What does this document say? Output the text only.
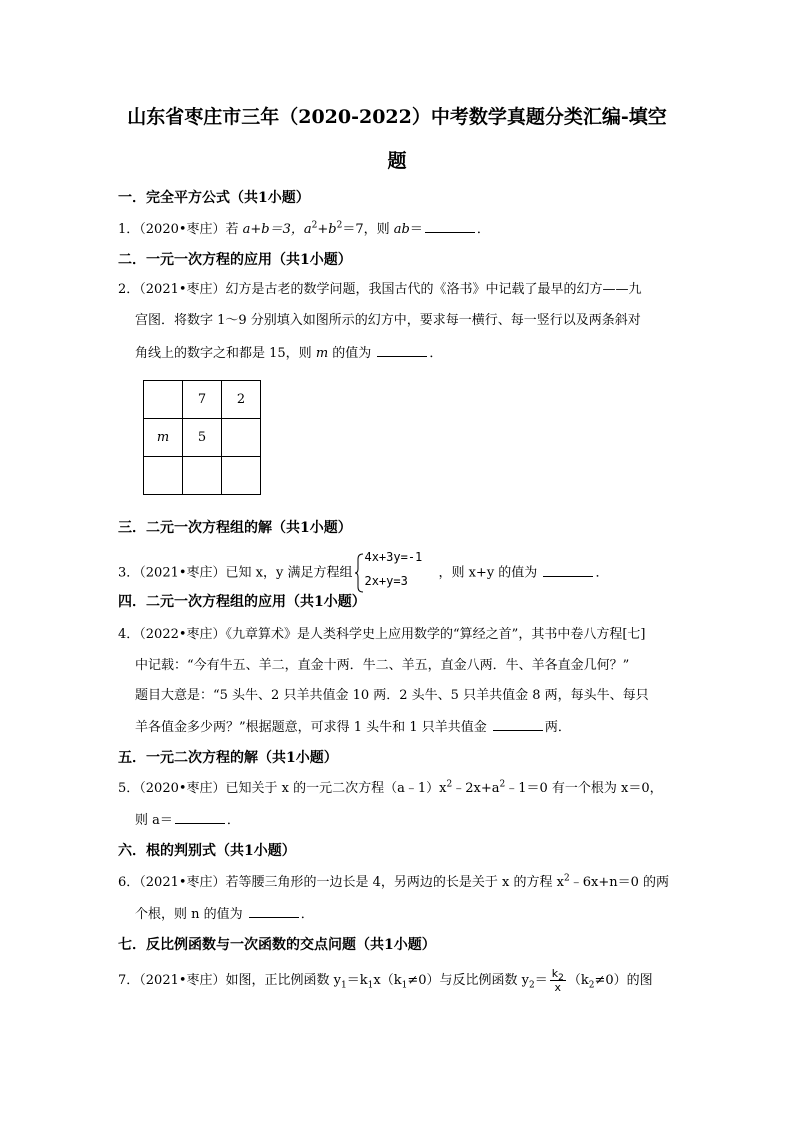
山东省枣庄市三年（2020-2022）中考数学真题分类汇编-填空
题
一．完全平方公式（共1小题）
1．（2020•枣庄）若 a+b＝3，$a^2+b^2=7$，则 ab＝	．
二．一元一次方程的应用（共1小题）
2．（2021•枣庄）幻方是古老的数学问题，我国古代的《洛书》中记载了最早的幻方——九
宫图．将数字 1～9 分别填入如图所示的幻方中，要求每一横行、每一竖行以及两条斜对
角线上的数字之和都是 15，则 m 的值为	．
	7	2
m	5	

三．二元一次方程组的解（共1小题）
3．（2021•枣庄）已知 x，y 满足方程组
4x+3y=-1
2x+y=3
，则 x+y 的值为	．
四．二元一次方程组的应用（共1小题）
4．（2022•枣庄）《九章算术》是人类科学史上应用数学的“算经之首”，其书中卷八方程[七]
中记载：“今有牛五、羊二，直金十两．牛二、羊五，直金八两．牛、羊各直金几何？”
题目大意是：“5 头牛、2 只羊共值金 10 两．2 头牛、5 只羊共值金 8 两，每头牛、每只
羊各值金多少两？”根据题意，可求得 1 头牛和 1 只羊共值金	两．
五．一元二次方程的解（共1小题）
5．（2020•枣庄）已知关于 x 的一元二次方程$(a﹣1)x^2﹣2x+a^2﹣1=0$ 有一个根为 x＝0，
则 a＝	．
六．根的判别式（共1小题）
6．（2021•枣庄）若等腰三角形的一边长是 4，另两边的长是关于 x 的方程 $x^2﹣6x+n=0$ 的两
个根，则 n 的值为	．
七．反比例函数与一次函数的交点问题（共1小题）
7．（2021•枣庄）如图，正比例函数 $y_1=k_1x(k_1\ne 0)$与反比例函数 $y_2= \frac{k_2}{x} (k_2\ne 0)$的图
